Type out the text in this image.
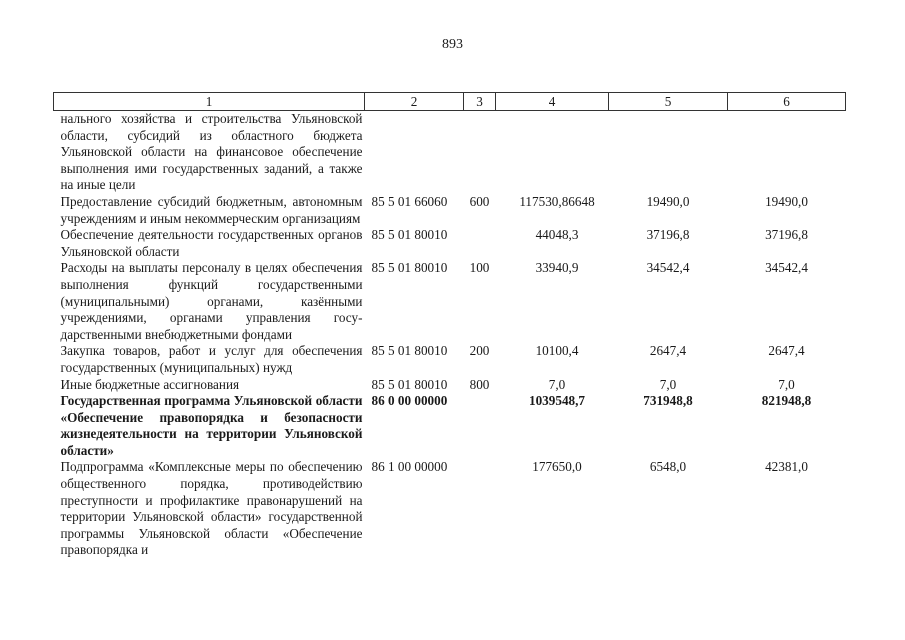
893
1	2	3	4	5	6
нального хозяйства и строительства Ульяновской области, субсидий из областного бюджета Ульяновской области на финансовое обеспечение выполнения ими государственных заданий, а также на иные цели					
Предоставление субсидий бюджетным, автономным учреждениям и иным некоммерческим организациям	85 5 01 66060	600	117530,86648	19490,0	19490,0
Обеспечение деятельности государственных органов Ульяновской области	85 5 01 80010		44048,3	37196,8	37196,8
Расходы на выплаты персоналу в целях обеспечения выполнения функций государственными (муниципальными) органами, казёнными учреждениями, органами управления государственными внебюджетными фондами	85 5 01 80010	100	33940,9	34542,4	34542,4
Закупка товаров, работ и услуг для обеспечения государственных (муниципальных) нужд	85 5 01 80010	200	10100,4	2647,4	2647,4
Иные бюджетные ассигнования	85 5 01 80010	800	7,0	7,0	7,0
Государственная программа Ульяновской области «Обеспечение правопорядка и безопасности жизнедеятельности на территории Ульяновской области»	86 0 00 00000		1039548,7	731948,8	821948,8
Подпрограмма «Комплексные меры по обеспечению общественного порядка, противодействию преступности и профилактике правонарушений на территории Ульяновской области» государственной программы Ульяновской области «Обеспечение правопорядка и	86 1 00 00000		177650,0	6548,0	42381,0
